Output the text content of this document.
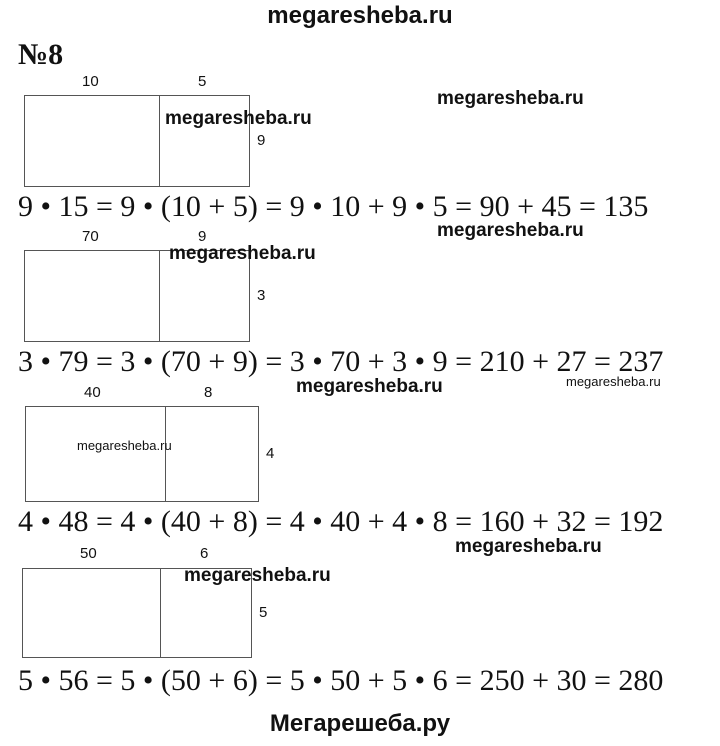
megaresheba.ru
№8
10	5
9
9 • 15 = 9 • (10 + 5) = 9 • 10 + 9 • 5 = 90 + 45 = 135
70	9
3
3 • 79 = 3 • (70 + 9) = 3 • 70 + 3 • 9 = 210 + 27 = 237
40	8
4
4 • 48 = 4 • (40 + 8) = 4 • 40 + 4 • 8 = 160 + 32 = 192
50	6
5
5 • 56 = 5 • (50 + 6) = 5 • 50 + 5 • 6 = 250 + 30 = 280
megaresheba.ru
megaresheba.ru
megaresheba.ru
megaresheba.ru
megaresheba.ru	megaresheba.ru
megaresheba.ru
megaresheba.ru
megaresheba.ru
Мегарешеба.ру
